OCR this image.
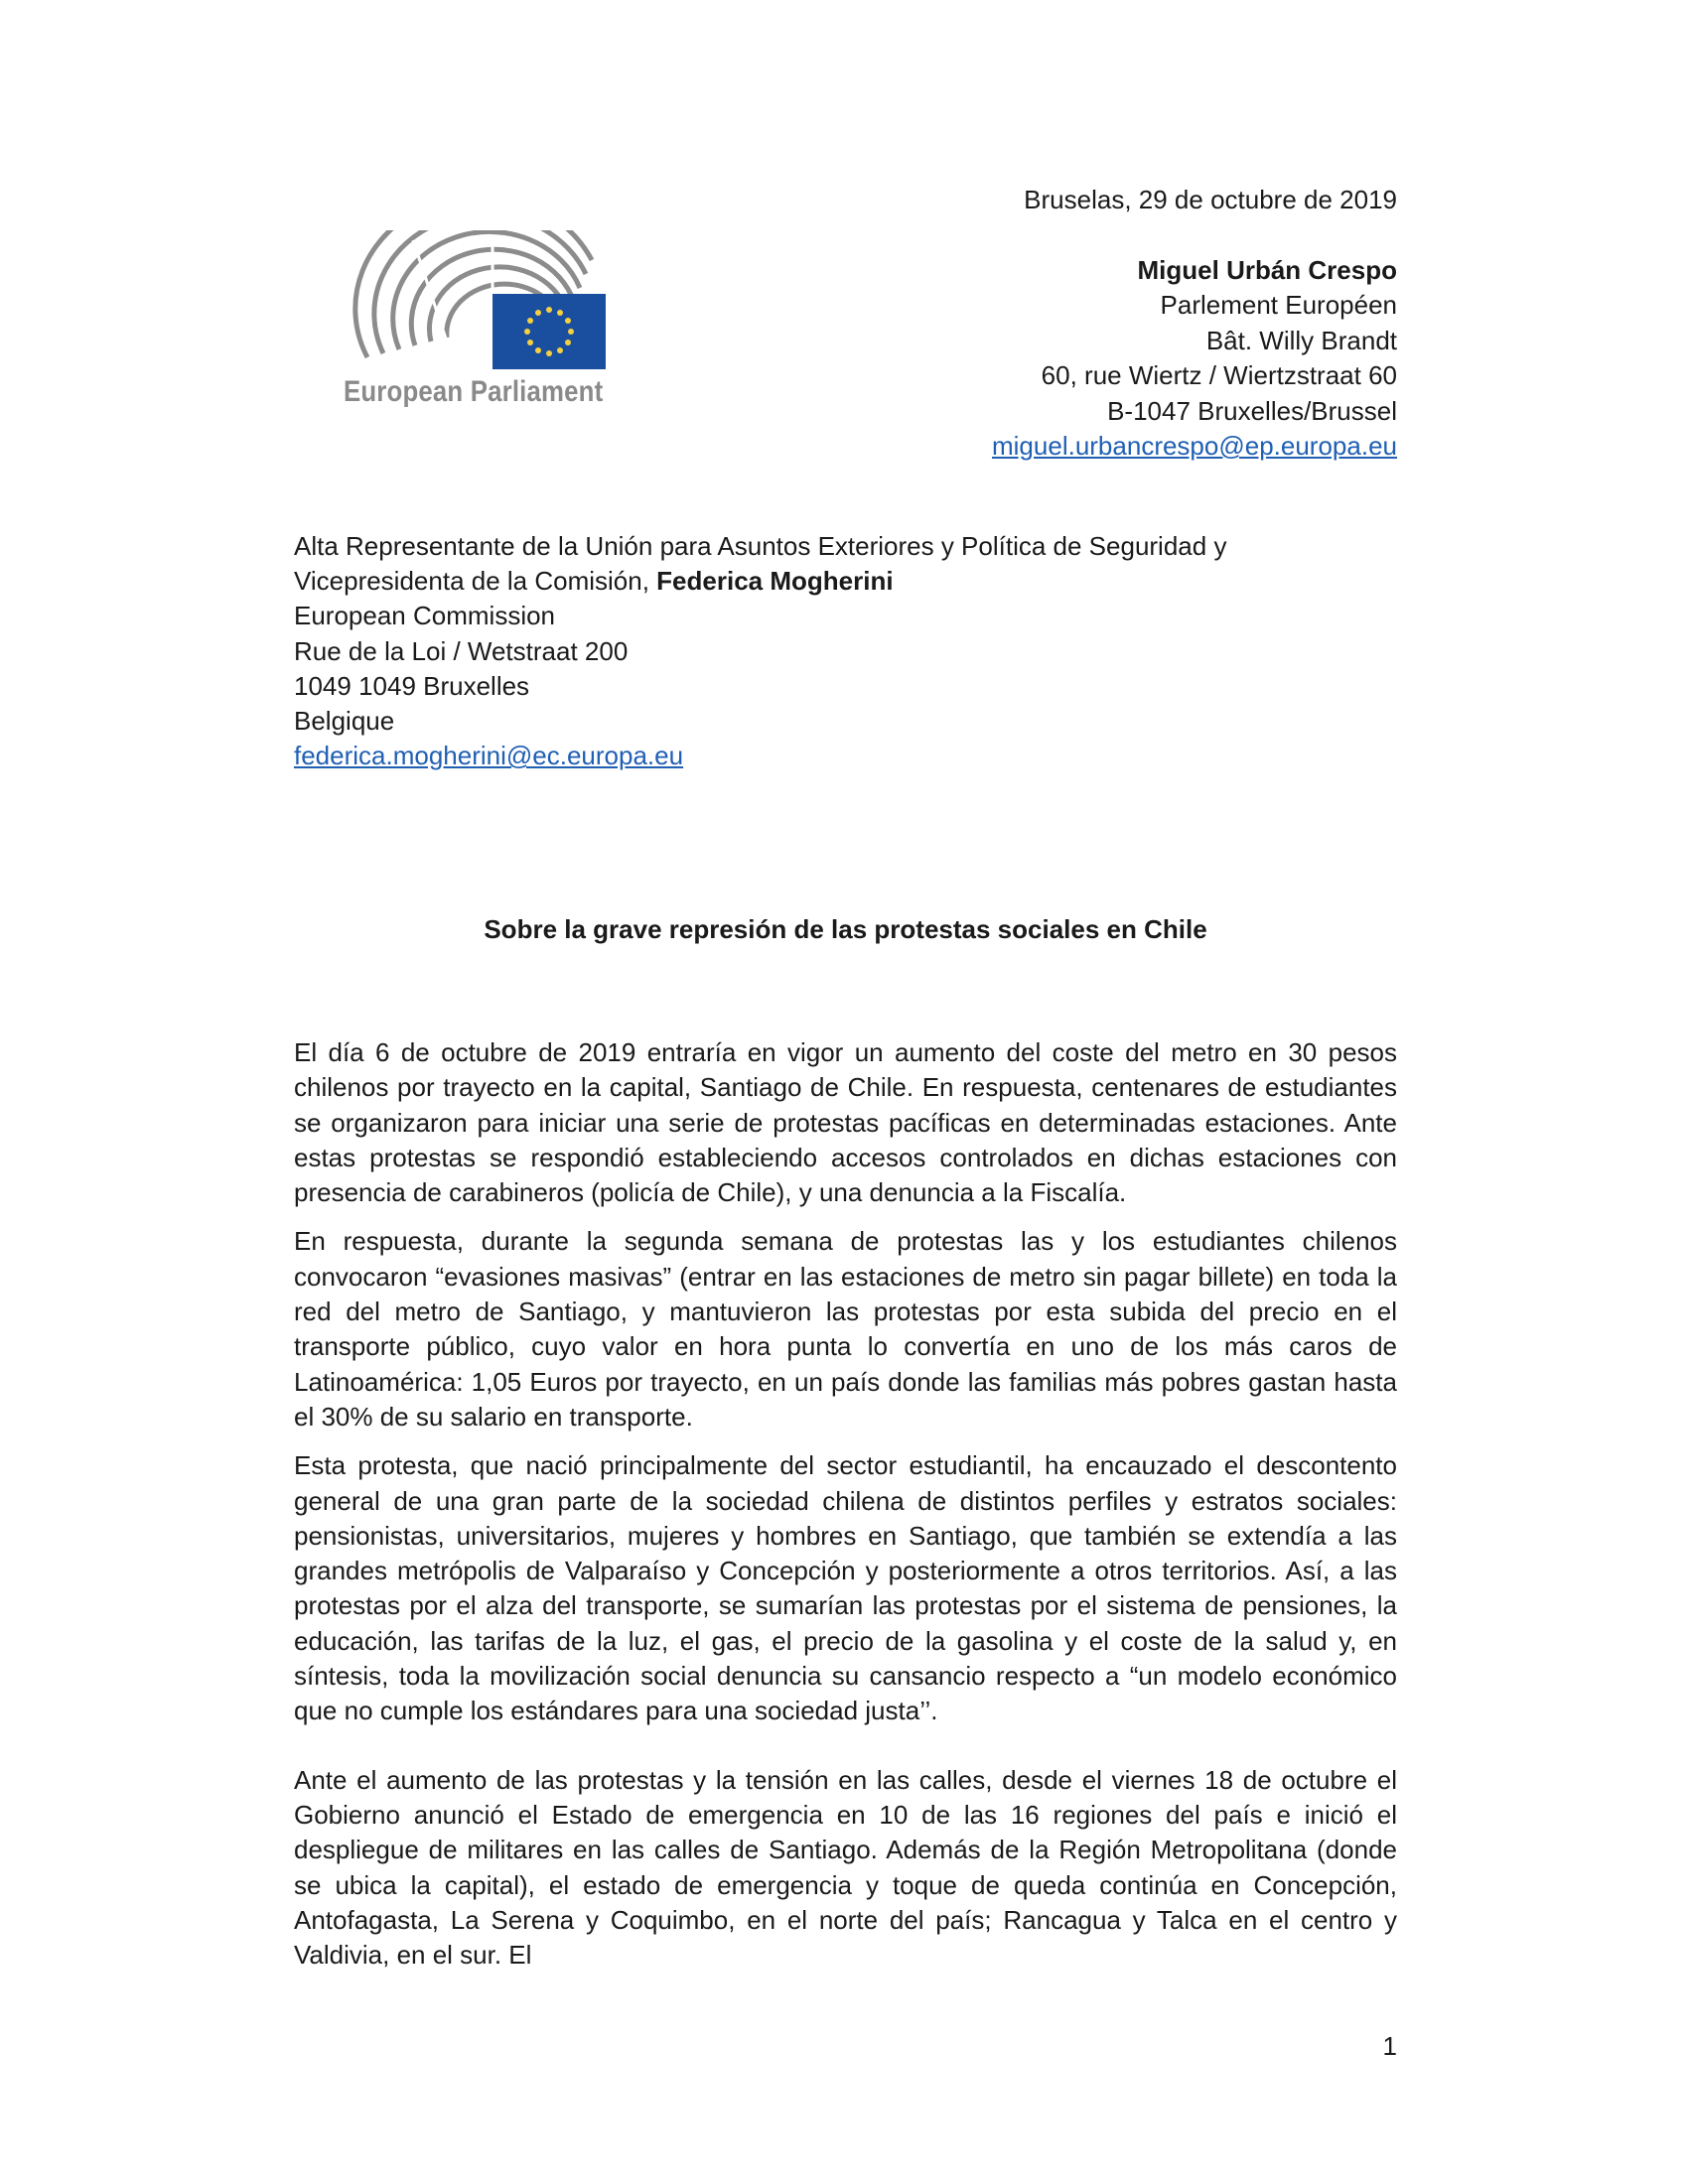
European Parliament
Bruselas, 29 de octubre de 2019
Miguel Urbán Crespo
Parlement Européen
Bât. Willy Brandt
60, rue Wiertz / Wiertzstraat 60
B-1047 Bruxelles/Brussel
miguel.urbancrespo@ep.europa.eu
Alta Representante de la Unión para Asuntos Exteriores y Política de Seguridad y
Vicepresidenta de la Comisión, Federica Mogherini
European Commission
Rue de la Loi / Wetstraat 200
1049 1049 Bruxelles
Belgique
federica.mogherini@ec.europa.eu
Sobre la grave represión de las protestas sociales en Chile

El día 6 de octubre de 2019 entraría en vigor un aumento del coste del metro en 30 pesos chilenos por trayecto en la capital, Santiago de Chile. En respuesta, centenares de estudiantes se organizaron para iniciar una serie de protestas pacíficas en determinadas estaciones. Ante estas protestas se respondió estableciendo accesos controlados en dichas estaciones con presencia de carabineros (policía de Chile), y una denuncia a la Fiscalía.

En respuesta, durante la segunda semana de protestas las y los estudiantes chilenos convocaron “evasiones masivas” (entrar en las estaciones de metro sin pagar billete) en toda la red del metro de Santiago, y mantuvieron las protestas por esta subida del precio en el transporte público, cuyo valor en hora punta lo convertía en uno de los más caros de Latinoamérica: 1,05 Euros por trayecto, en un país donde las familias más pobres gastan hasta el 30% de su salario en transporte.

Esta protesta, que nació principalmente del sector estudiantil, ha encauzado el descontento general de una gran parte de la sociedad chilena de distintos perfiles y estratos sociales: pensionistas, universitarios, mujeres y hombres en Santiago, que también se extendía a las grandes metrópolis de Valparaíso y Concepción y posteriormente a otros territorios. Así, a las protestas por el alza del transporte, se sumarían las protestas por el sistema de pensiones, la educación, las tarifas de la luz, el gas, el precio de la gasolina y el coste de la salud y, en síntesis, toda la movilización social denuncia su cansancio respecto a “un modelo económico que no cumple los estándares para una sociedad justa’’.

Ante el aumento de las protestas y la tensión en las calles, desde el viernes 18 de octubre el Gobierno anunció el Estado de emergencia en 10 de las 16 regiones del país e inició el despliegue de militares en las calles de Santiago. Además de la Región Metropolitana (donde se ubica la capital), el estado de emergencia y toque de queda continúa en Concepción, Antofagasta, La Serena y Coquimbo, en el norte del país; Rancagua y Talca en el centro y Valdivia, en el sur. El

1
